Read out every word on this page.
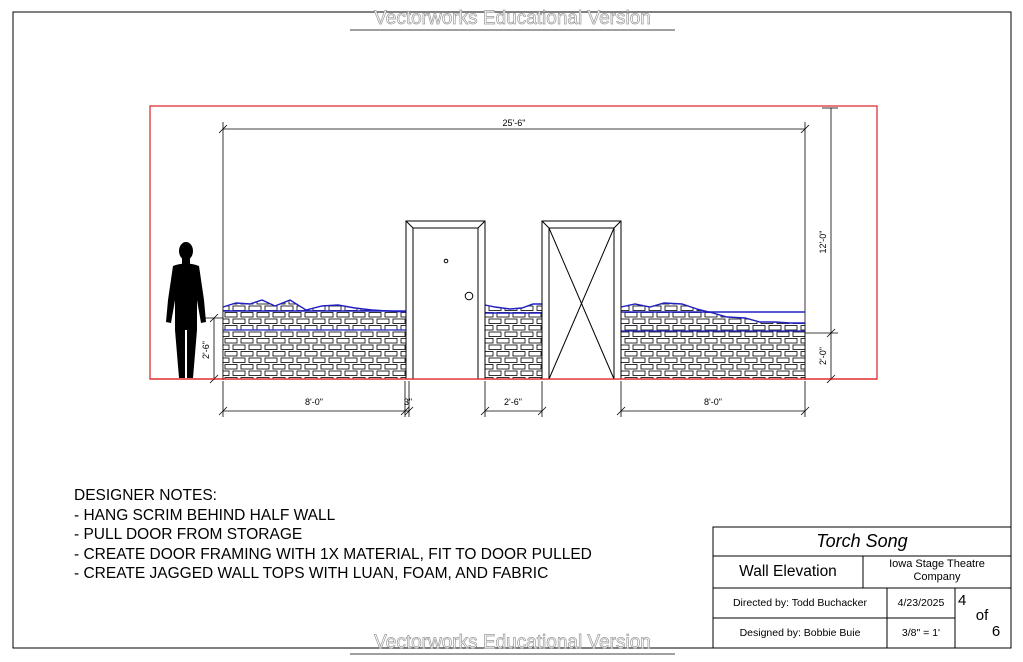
25'-6"
12'-0"
2'-0"
2'-6"
8'-0"	3"	2'-6"	8'-0"
Vectorworks Educational Version
Vectorworks Educational Version
DESIGNER NOTES:
- HANG SCRIM BEHIND HALF WALL
- PULL DOOR FROM STORAGE
- CREATE DOOR FRAMING WITH 1X MATERIAL, FIT TO DOOR PULLED
- CREATE JAGGED WALL TOPS WITH LUAN, FOAM, AND FABRIC
Torch Song
Wall Elevation	Iowa Stage Theatre Company
Directed by: Todd Buchacker	4/23/2025
Designed by: Bobbie Buie	3/8" = 1'
4
of
6
